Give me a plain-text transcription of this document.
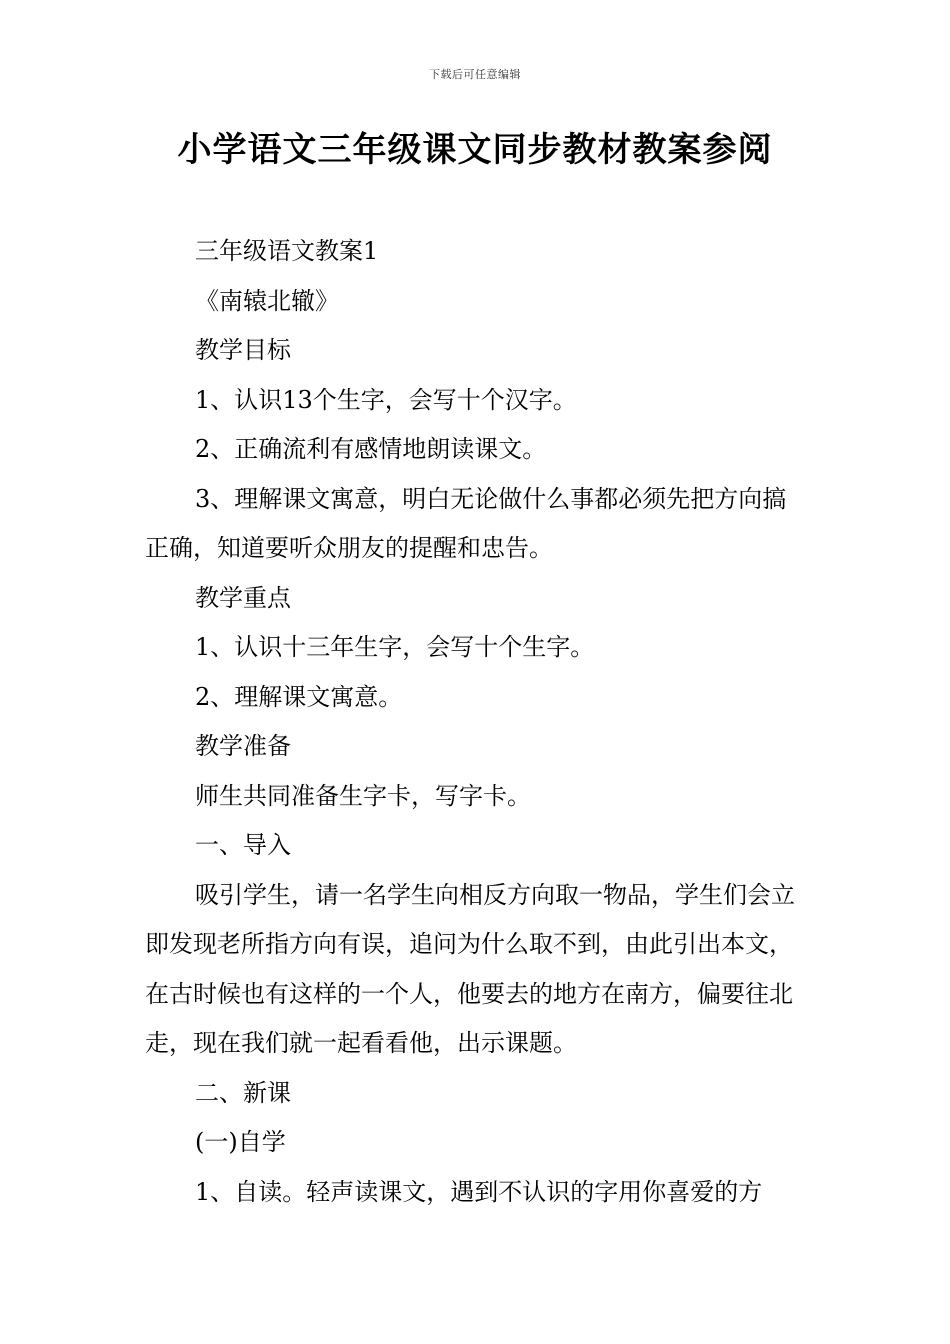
下载后可任意编辑
小学语文三年级课文同步教材教案参阅

三年级语文教案1

《南辕北辙》

教学目标

1、认识13个生字，会写十个汉字。

2、正确流利有感情地朗读课文。

3、理解课文寓意，明白无论做什么事都必须先把方向搞正确，知道要听众朋友的提醒和忠告。

教学重点

1、认识十三年生字，会写十个生字。

2、理解课文寓意。

教学准备

师生共同准备生字卡，写字卡。

一、导入

吸引学生，请一名学生向相反方向取一物品，学生们会立即发现老所指方向有误，追问为什么取不到，由此引出本文，在古时候也有这样的一个人，他要去的地方在南方，偏要往北走，现在我们就一起看看他，出示课题。

二、新课

(一)自学

1、自读。轻声读课文，遇到不认识的字用你喜爱的方
